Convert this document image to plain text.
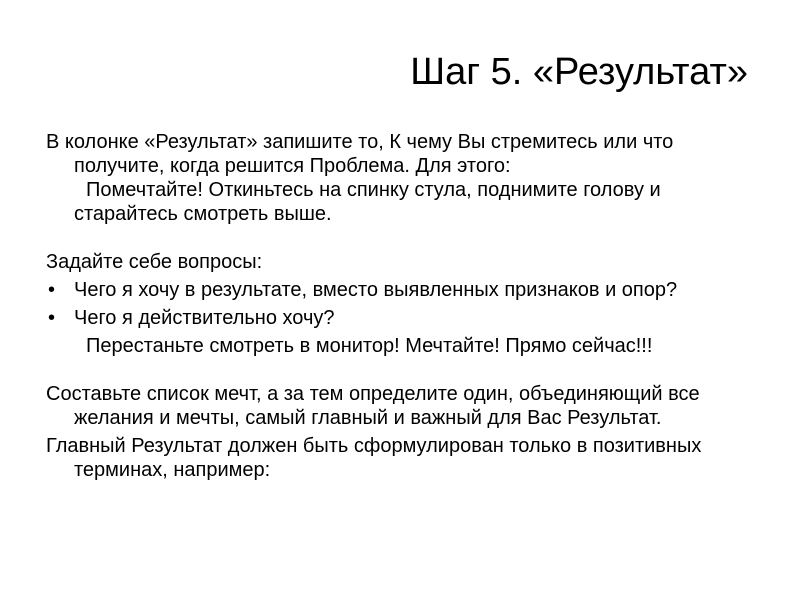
Шаг 5. «Результат»

В колонке «Результат» запишите то, К чему Вы стремитесь или что получите, когда решится Проблема. Для этого:

Помечтайте! Откиньтесь на спинку стула, поднимите голову и старайтесь смотреть выше.

Задайте себе вопросы:

• Чего я хочу в результате, вместо выявленных признаков и опор?

• Чего я действительно хочу?

Перестаньте смотреть в монитор! Мечтайте! Прямо сейчас!!!

Составьте список мечт, а за тем определите один, объединяющий все желания и мечты, самый главный и важный для Вас Результат.

Главный Результат должен быть сформулирован только в позитивных терминах, например:
